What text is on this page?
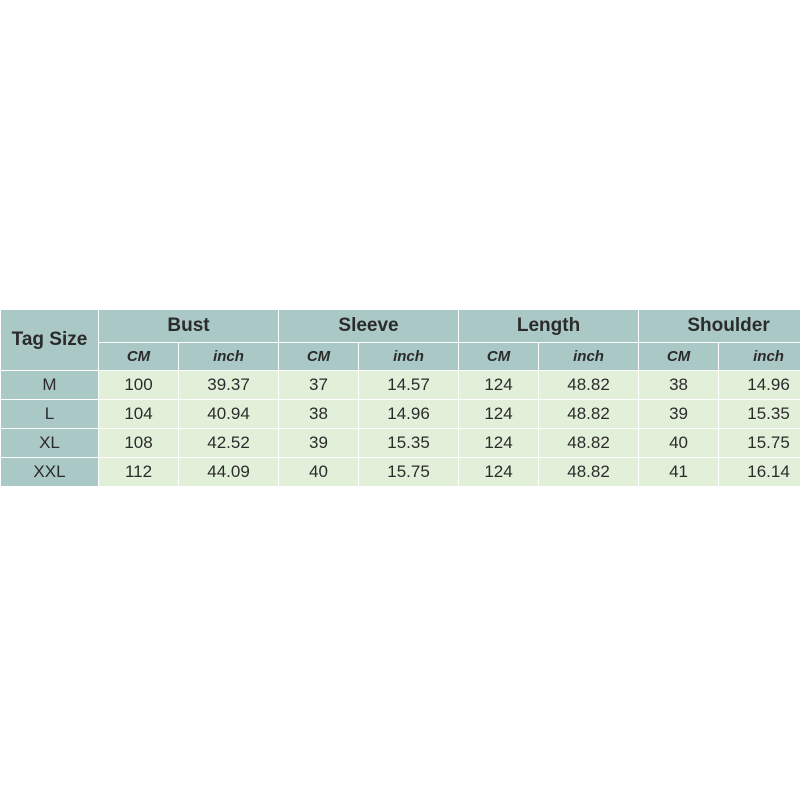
Tag Size	Bust		Sleeve		Length		Shoulder	
	CM	inch	CM	inch	CM	inch	CM	inch
M	100	39.37	37	14.57	124	48.82	38	14.96
L	104	40.94	38	14.96	124	48.82	39	15.35
XL	108	42.52	39	15.35	124	48.82	40	15.75
XXL	112	44.09	40	15.75	124	48.82	41	16.14
